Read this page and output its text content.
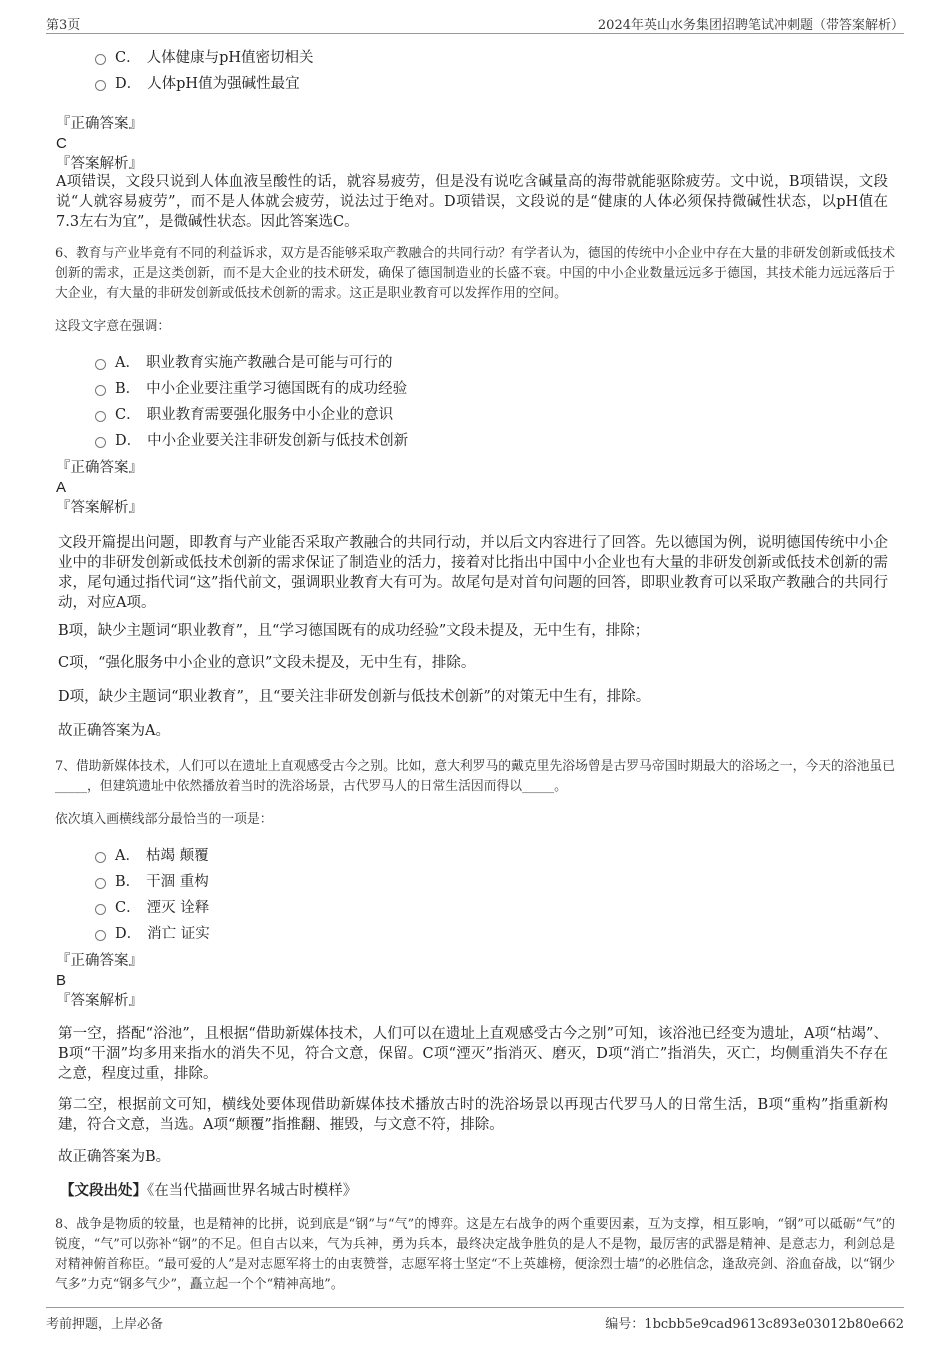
第3页	2024年英山水务集团招聘笔试冲刺题（带答案解析）
C． 人体健康与pH值密切相关
D． 人体pH值为强碱性最宜
『正确答案』
C
『答案解析』
A项错误，文段只说到人体血液呈酸性的话，就容易疲劳，但是没有说吃含碱量高的海带就能驱除疲劳。文中说，B项错误，文段说“人就容易疲劳”，而不是人体就会疲劳，说法过于绝对。D项错误，文段说的是“健康的人体必须保持微碱性状态，以pH值在7.3左右为宜”，是微碱性状态。因此答案选C。
6、教育与产业毕竟有不同的利益诉求，双方是否能够采取产教融合的共同行动？有学者认为，德国的传统中小企业中存在大量的非研发创新或低技术创新的需求，正是这类创新，而不是大企业的技术研发，确保了德国制造业的长盛不衰。中国的中小企业数量远远多于德国，其技术能力远远落后于大企业，有大量的非研发创新或低技术创新的需求。这正是职业教育可以发挥作用的空间。
这段文字意在强调：
A． 职业教育实施产教融合是可能与可行的
B． 中小企业要注重学习德国既有的成功经验
C． 职业教育需要强化服务中小企业的意识
D． 中小企业要关注非研发创新与低技术创新
『正确答案』
A
『答案解析』
文段开篇提出问题，即教育与产业能否采取产教融合的共同行动，并以后文内容进行了回答。先以德国为例，说明德国传统中小企业中的非研发创新或低技术创新的需求保证了制造业的活力，接着对比指出中国中小企业也有大量的非研发创新或低技术创新的需求，尾句通过指代词“这”指代前文，强调职业教育大有可为。故尾句是对首句问题的回答，即职业教育可以采取产教融合的共同行动，对应A项。
B项，缺少主题词“职业教育”，且“学习德国既有的成功经验”文段未提及，无中生有，排除；
C项，“强化服务中小企业的意识”文段未提及，无中生有，排除。
D项，缺少主题词“职业教育”，且“要关注非研发创新与低技术创新”的对策无中生有，排除。
故正确答案为A。
7、借助新媒体技术，人们可以在遗址上直观感受古今之别。比如，意大利罗马的戴克里先浴场曾是古罗马帝国时期最大的浴场之一，今天的浴池虽已_____，但建筑遗址中依然播放着当时的洗浴场景，古代罗马人的日常生活因而得以_____。
依次填入画横线部分最恰当的一项是：
A． 枯竭 颠覆
B． 干涸 重构
C． 湮灭 诠释
D． 消亡 证实
『正确答案』
B
『答案解析』
第一空，搭配“浴池”，且根据“借助新媒体技术，人们可以在遗址上直观感受古今之别”可知，该浴池已经变为遗址，A项“枯竭”、B项“干涸”均多用来指水的消失不见，符合文意，保留。C项“湮灭”指消灭、磨灭，D项“消亡”指消失，灭亡，均侧重消失不存在之意，程度过重，排除。
第二空，根据前文可知，横线处要体现借助新媒体技术播放古时的洗浴场景以再现古代罗马人的日常生活，B项“重构”指重新构建，符合文意，当选。A项“颠覆”指推翻、摧毁，与文意不符，排除。
故正确答案为B。
【文段出处】《在当代描画世界名城古时模样》
8、战争是物质的较量，也是精神的比拼，说到底是“钢”与“气”的博弈。这是左右战争的两个重要因素，互为支撑，相互影响，“钢”可以砥砺“气”的锐度，“气”可以弥补“钢”的不足。但自古以来，气为兵神，勇为兵本，最终决定战争胜负的是人不是物，最厉害的武器是精神、是意志力，利剑总是对精神俯首称臣。“最可爱的人”是对志愿军将士的由衷赞誉，志愿军将士坚定“不上英雄榜，便涂烈士墙”的必胜信念，逢敌亮剑、浴血奋战，以“钢少气多”力克“钢多气少”，矗立起一个个“精神高地”。
考前押题，上岸必备	编号：1bcbb5e9cad9613c893e03012b80e662
